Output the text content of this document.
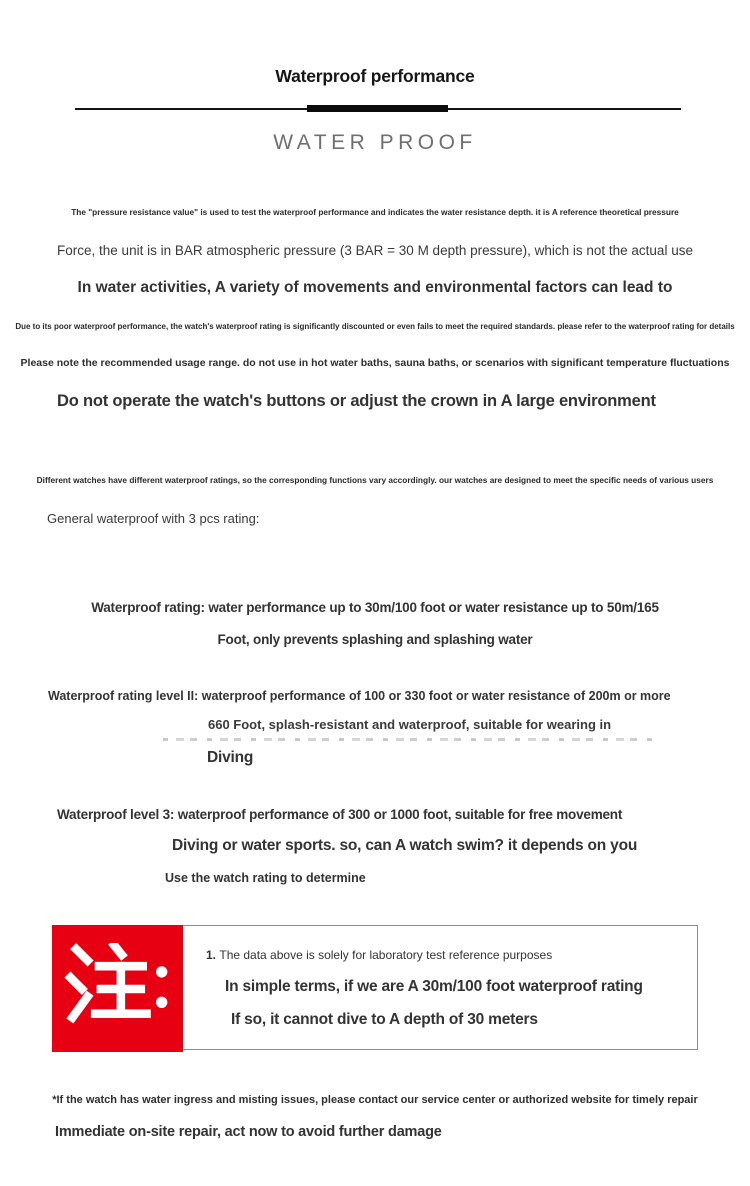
Waterproof performance
WATER PROOF
The "pressure resistance value" is used to test the waterproof performance and indicates the water resistance depth. it is A reference theoretical pressure
Force, the unit is in BAR atmospheric pressure (3 BAR = 30 M depth pressure), which is not the actual use
In water activities, A variety of movements and environmental factors can lead to
Due to its poor waterproof performance, the watch's waterproof rating is significantly discounted or even fails to meet the required standards. please refer to the waterproof rating for details
Please note the recommended usage range. do not use in hot water baths, sauna baths, or scenarios with significant temperature fluctuations
Do not operate the watch's buttons or adjust the crown in A large environment
Different watches have different waterproof ratings, so the corresponding functions vary accordingly. our watches are designed to meet the specific needs of various users
General waterproof with 3 pcs rating:
Waterproof rating: water performance up to 30m/100 foot or water resistance up to 50m/165
Foot, only prevents splashing and splashing water
Waterproof rating level II: waterproof performance of 100 or 330 foot or water resistance of 200m or more
660 Foot, splash-resistant and waterproof, suitable for wearing in
Diving
Waterproof level 3: waterproof performance of 300 or 1000 foot, suitable for free movement
Diving or water sports. so, can A watch swim? it depends on you
Use the watch rating to determine
1. The data above is solely for laboratory test reference purposes
In simple terms, if we are A 30m/100 foot waterproof rating
If so, it cannot dive to A depth of 30 meters
*If the watch has water ingress and misting issues, please contact our service center or authorized website for timely repair
Immediate on-site repair, act now to avoid further damage
